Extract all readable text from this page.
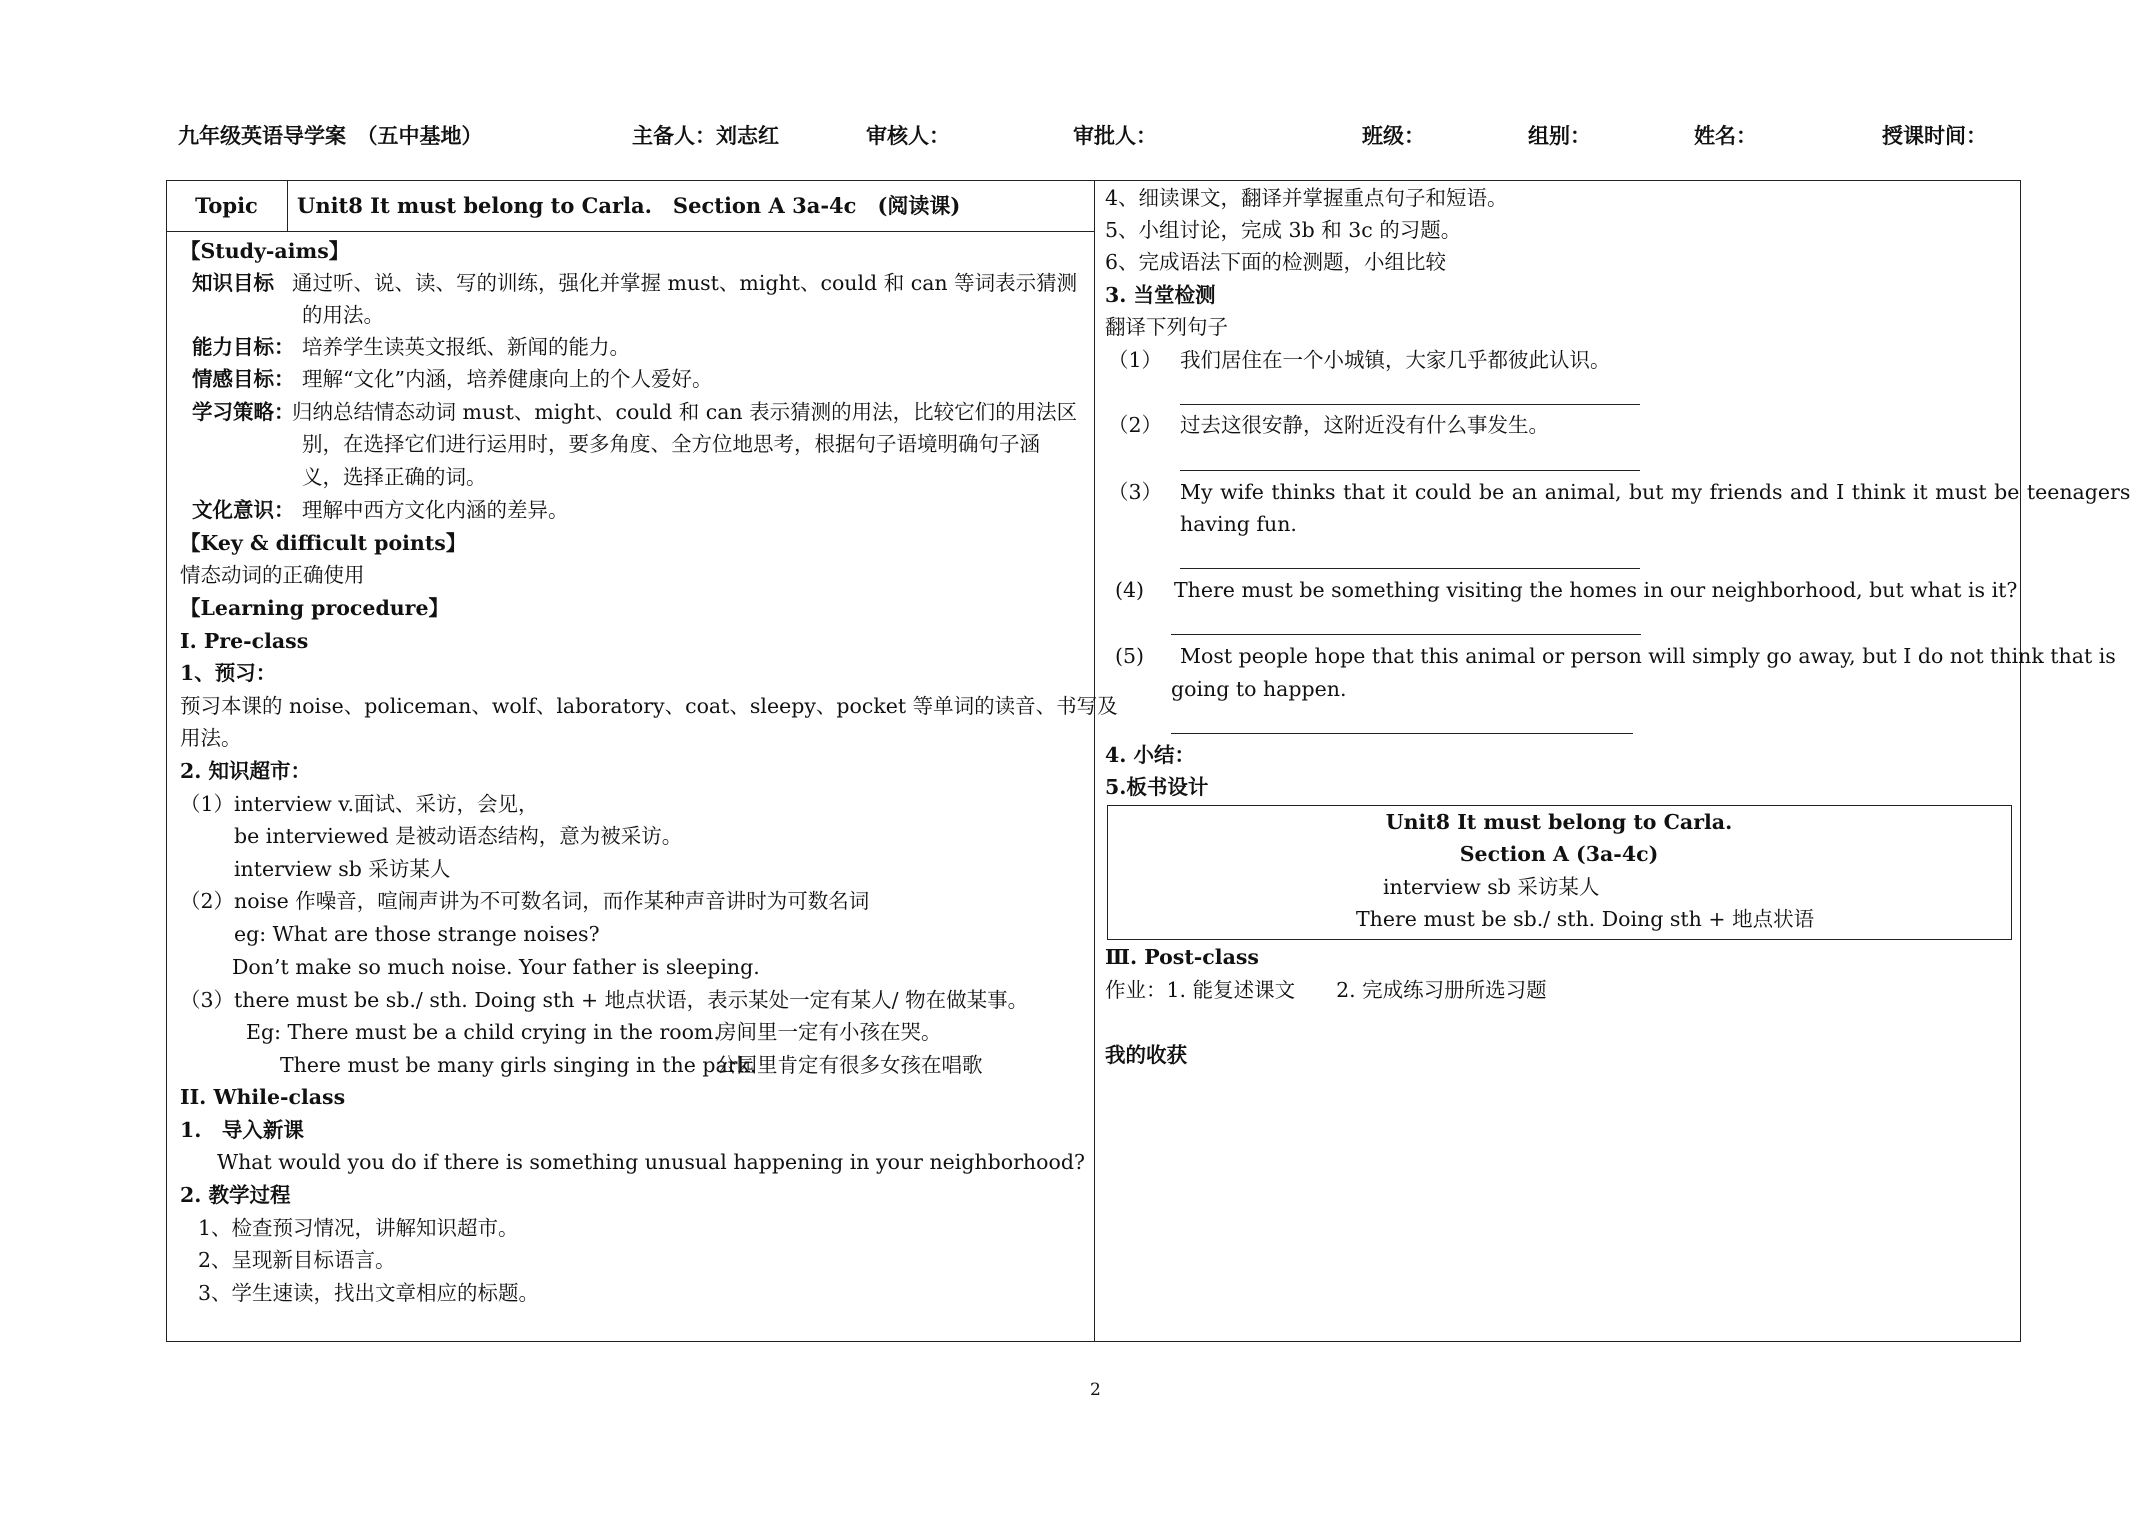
九年级英语导学案　（五中基地）	主备人：刘志红	审核人：	审批人：	班级：	组别：	姓名：	授课时间：
Topic	Unit8 It must belong to Carla.　Section A 3a-4c　(阅读课)
【Study-aims】
知识目标 通过听、说、读、写的训练，强化并掌握 must、might、could 和 can 等词表示猜测
的用法。
能力目标： 培养学生读英文报纸、新闻的能力。
情感目标： 理解“文化”内涵，培养健康向上的个人爱好。
学习策略：
归纳总结情态动词 must、might、could 和 can 表示猜测的用法，比较它们的用法区
别，在选择它们进行运用时，要多角度、全方位地思考，根据句子语境明确句子涵
义，选择正确的词。
文化意识： 理解中西方文化内涵的差异。
【Key & difficult points】
情态动词的正确使用
【Learning procedure】
I. Pre-class
1、预习：
预习本课的 noise、policeman、wolf、laboratory、coat、sleepy、pocket 等单词的读音、书写及
用法。
2. 知识超市：
（1）interview v.面试、采访，会见，
be interviewed 是被动语态结构，意为被采访。
interview sb 采访某人
（2）noise 作噪音，喧闹声讲为不可数名词，而作某种声音讲时为可数名词
eg: What are those strange noises?
Don’t make so much noise. Your father is sleeping.
（3）there must be sb./ sth. Doing sth + 地点状语，表示某处一定有某人/ 物在做某事。
Eg: There must be a child crying in the room.
房间里一定有小孩在哭。
There must be many girls singing in the park.
公园里肯定有很多女孩在唱歌
II. While-class
1.　导入新课
What would you do if there is something unusual happening in your neighborhood?
2. 教学过程
1、检查预习情况，讲解知识超市。
2、呈现新目标语言。
3、学生速读，找出文章相应的标题。
4、细读课文，翻译并掌握重点句子和短语。
5、小组讨论，完成 3b 和 3c 的习题。
6、完成语法下面的检测题，小组比较
3. 当堂检测
翻译下列句子
（1） 我们居住在一个小城镇，大家几乎都彼此认识。
（2） 过去这很安静，这附近没有什么事发生。
（3） My wife thinks that it could be an animal, but my friends and I think it must be teenagers
having fun.
(4) There must be something visiting the homes in our neighborhood, but what is it?
(5) Most people hope that this animal or person will simply go away, but I do not think that is
going to happen.
4. 小结：
5.板书设计
Unit8 It must belong to Carla.
Section A (3a-4c)
interview sb 采访某人
There must be sb./ sth. Doing sth + 地点状语
Ⅲ. Post-class
作业：1. 能复述课文　　2. 完成练习册所选习题
我的收获
2
